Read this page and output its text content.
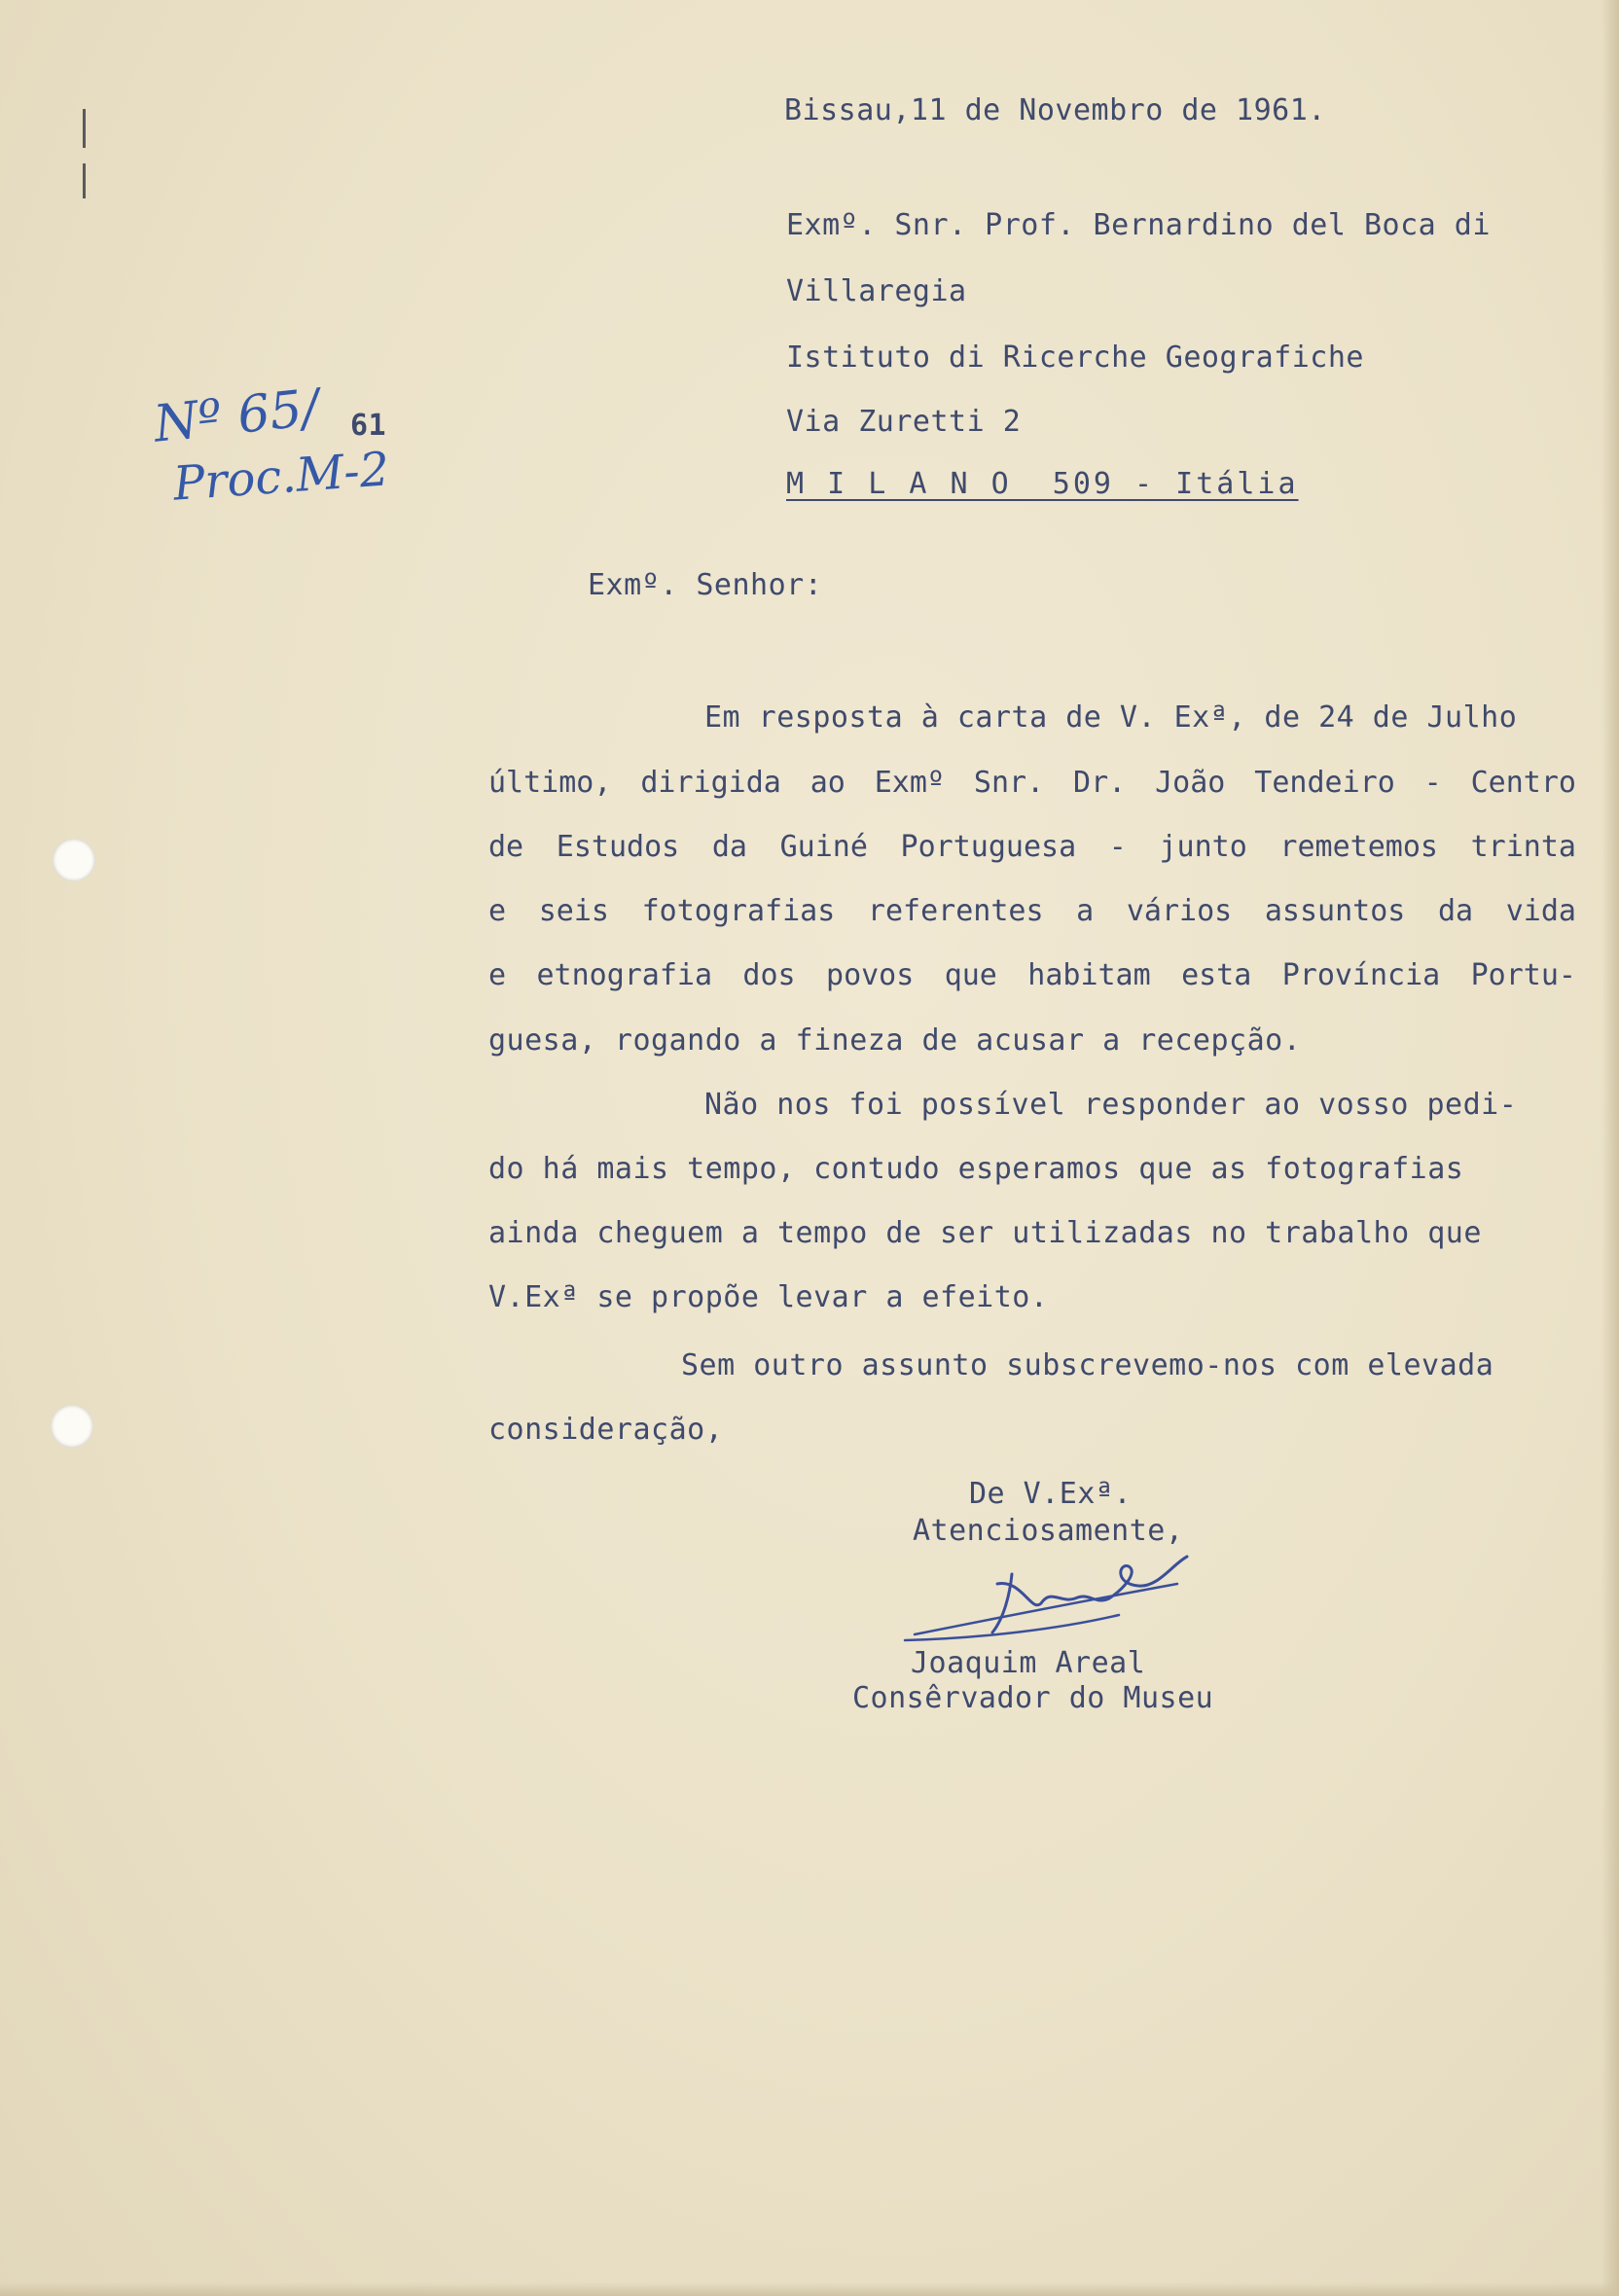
Bissau,11 de Novembro de 1961.
Exmº. Snr. Prof. Bernardino del Boca di
Villaregia
Istituto di Ricerche Geografiche
Via Zuretti 2
M I L A N O  509 - Itália
Nº 65/ 61
Proc.M-2
Exmº. Senhor:
Em resposta à carta de V. Exª, de 24 de Julho
último, dirigida ao Exmº Snr. Dr. João Tendeiro - Centro
de Estudos da Guiné Portuguesa - junto remetemos trinta
e seis fotografias referentes a vários assuntos da vida
e etnografia dos povos que habitam esta Província Portu-
guesa, rogando a fineza de acusar a recepção.
Não nos foi possível responder ao vosso pedi-
do há mais tempo, contudo esperamos que as fotografias
ainda cheguem a tempo de ser utilizadas no trabalho que
V.Exª se propõe levar a efeito.
Sem outro assunto subscrevemo-nos com elevada
consideração,
De V.Exª.
Atenciosamente,
Joaquim Areal
Consêrvador do Museu
